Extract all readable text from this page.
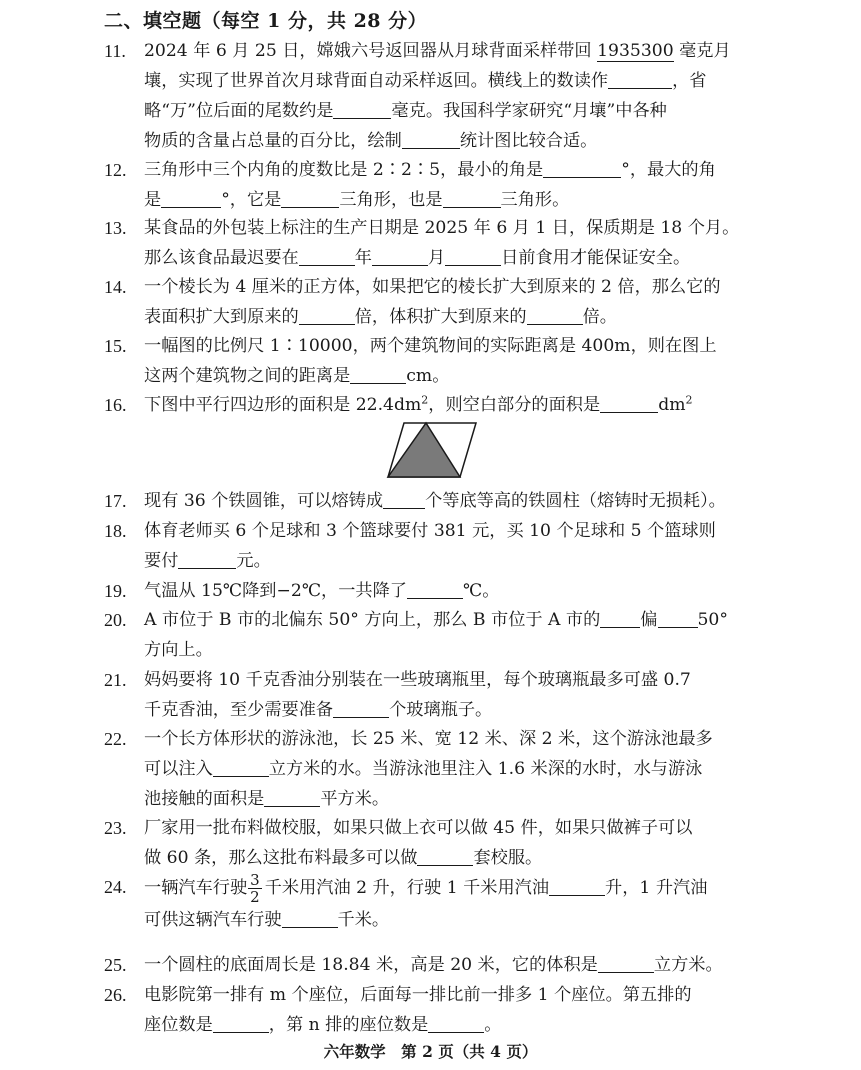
二、填空题（每空 1 分，共 28 分）
11. 2024 年 6 月 25 日，嫦娥六号返回器从月球背面采样带回 1935300 毫克月
壤，实现了世界首次月球背面自动采样返回。横线上的数读作	，省
略“万”位后面的尾数约是	毫克。我国科学家研究“月壤”中各种
物质的含量占总量的百分比，绘制	统计图比较合适。
12. 三角形中三个内角的度数比是 2∶2∶5，最小的角是	°，最大的角
是	°，它是	三角形，也是	三角形。
13. 某食品的外包装上标注的生产日期是 2025 年 6 月 1 日，保质期是 18 个月。
那么该食品最迟要在	年	月	日前食用才能保证安全。
14. 一个棱长为 4 厘米的正方体，如果把它的棱长扩大到原来的 2 倍，那么它的
表面积扩大到原来的	倍，体积扩大到原来的	倍。
15. 一幅图的比例尺 1∶10000，两个建筑物间的实际距离是 400m，则在图上
这两个建筑物之间的距离是	cm。
16. 下图中平行四边形的面积是 $22.4dm^2$，则空白部分的面积是	$dm^2$
17. 现有 36 个铁圆锥，可以熔铸成 个等底等高的铁圆柱（熔铸时无损耗）。
18. 体育老师买 6 个足球和 3 个篮球要付 381 元，买 10 个足球和 5 个篮球则
要付	元。
19. 气温从 15℃降到−2℃，一共降了	℃。
20. A 市位于 B 市的北偏东 50° 方向上，那么 B 市位于 A 市的 偏 50°
方向上。
21. 妈妈要将 10 千克香油分别装在一些玻璃瓶里，每个玻璃瓶最多可盛 0.7
千克香油，至少需要准备	个玻璃瓶子。
22. 一个长方体形状的游泳池，长 25 米、宽 12 米、深 2 米，这个游泳池最多
可以注入	立方米的水。当游泳池里注入 1.6 米深的水时，水与游泳
池接触的面积是	平方米。
23. 厂家用一批布料做校服，如果只做上衣可以做 45 件，如果只做裤子可以
做 60 条，那么这批布料最多可以做	套校服。
24. 一辆汽车行驶 $\frac{3}{2}$ 千米用汽油 2 升，行驶 1 千米用汽油	升，1 升汽油
可供这辆汽车行驶	千米。
25. 一个圆柱的底面周长是 18.84 米，高是 20 米，它的体积是	立方米。
26. 电影院第一排有 m 个座位，后面每一排比前一排多 1 个座位。第五排的
座位数是	，第 n 排的座位数是	。
六年数学　第 2 页（共 4 页）
